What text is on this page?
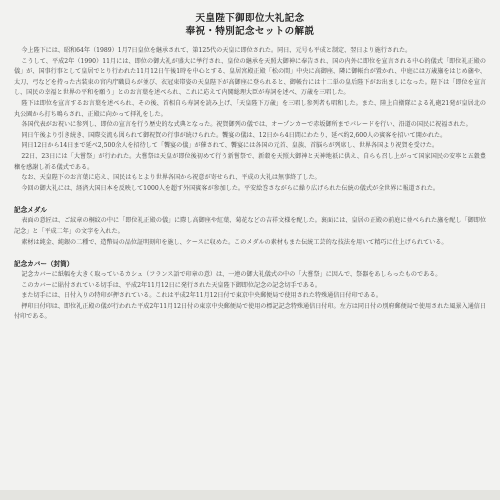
天皇陛下御即位大礼記念
奉祝・特別記念セットの解説

今上陛下には、昭和64年（1989）1月7日皇位を継承されて、第125代の天皇に即位された。同日、元号も平成と制定、翌日より施行された。

こうして、平成2年（1990）11月には、即位の御大礼が盛大に挙行され、皇位の継承を天照大御神に奉告され、国の内外に即位を宣言される中心的儀式「即位礼正殿の儀」が、国事行事として皇居でとり行われた11月12日午後1時を中心とする、皇居宮殿正殿「松の間」中央に高御座、隣に御帳台が置かれ、中庭には万歳旛をはじめ旛や、太刀、弓などを持った古装束の宮内庁職員らが並び、衣冠束帯姿の天皇陛下が高御座に登られると、御帳台には十二単の皇后陛下がお出ましになった。陛下は「即位を宣言し、国民の幸福と世界の平和を願う」とのお言葉を述べられ、これに応えて内閣総理大臣が寿詞を述べ、万歳を三唱した。

陛下は即位を宣言するお言葉を述べられ、その後、首相自ら寿詞を読み上げ、「天皇陛下万歳」を三唱し参列者も唱和した。また、陸上自衛隊による礼砲21発が皇居北の丸公園から打ち鳴らされ、正殿に向かって拝礼をした。

各国代表がお祝いに参列し、即位の宣言を行う歴史的な式典となった。祝賀御列の儀では、オープンカーで赤坂御所までパレードを行い、沿道の国民に祝福された。

同日午後より引き続き、国際交流も図られて御祝賀の行事が続けられた。饗宴の儀は、12日から4日間にわたり、延べ約2,600人の賓客を招いて開かれた。

同日12日から14日まで延べ2,500余人を招待して「饗宴の儀」が催されて、饗宴には各国の元首、皇族、首脳らが列席し、世界各国より祝賀を受けた。

22日、23日には「大嘗祭」が行われた。大嘗祭は天皇が即位後初めて行う新嘗祭で、新穀を天照大御神と天神地祇に供え、自らも召し上がって国家国民の安寧と五穀豊穣を感謝し祈る儀式である。

なお、天皇陛下のお言葉に応え、国民はもとより世界各国から祝意が寄せられ、平成の大礼は無事終了した。

今回の御大礼には、経済大国日本を反映して1000人を超す外国賓客が参加した。平安絵巻さながらに繰り広げられた伝統の儀式が全世界に報道された。

記念メダル

表面の意匠は、ご紋章の桐紋の中に「即位礼正殿の儀」に際し高御座や紅葉、菊花などの吉祥文様を配した。裏面には、皇居の正殿の前庭に並べられた旛を配し「御即位記念」と「平成二年」の文字を入れた。

素材は純金、純銀の二種で、造幣局の品位証明刻印を施し、ケースに収めた。このメダルの素材もまた伝統工芸的な技法を用いて精巧に仕上げられている。

記念カバー（封筒）

記念カバーに紙幅を大きく取っているカシュ（フランス語で印章の意）は、一連の御大礼儀式の中の「大嘗祭」に因んで、祭器をあしらったものである。

このカバーに貼付されている切手は、平成2年11月12日に発行された天皇陛下御即位記念の記念切手である。

また切手には、日付入りの特印が押されている。これは平成2年11月12日付で東京中央郵便局で使用された特殊通信日付印である。

押印日付印は、即位礼正殿の儀が行われた平成2年11月12日付の東京中央郵便局で使用の標記記念特殊通信日付印。左方は同日付の別府郵便局で使用された風景入通信日付印である。
